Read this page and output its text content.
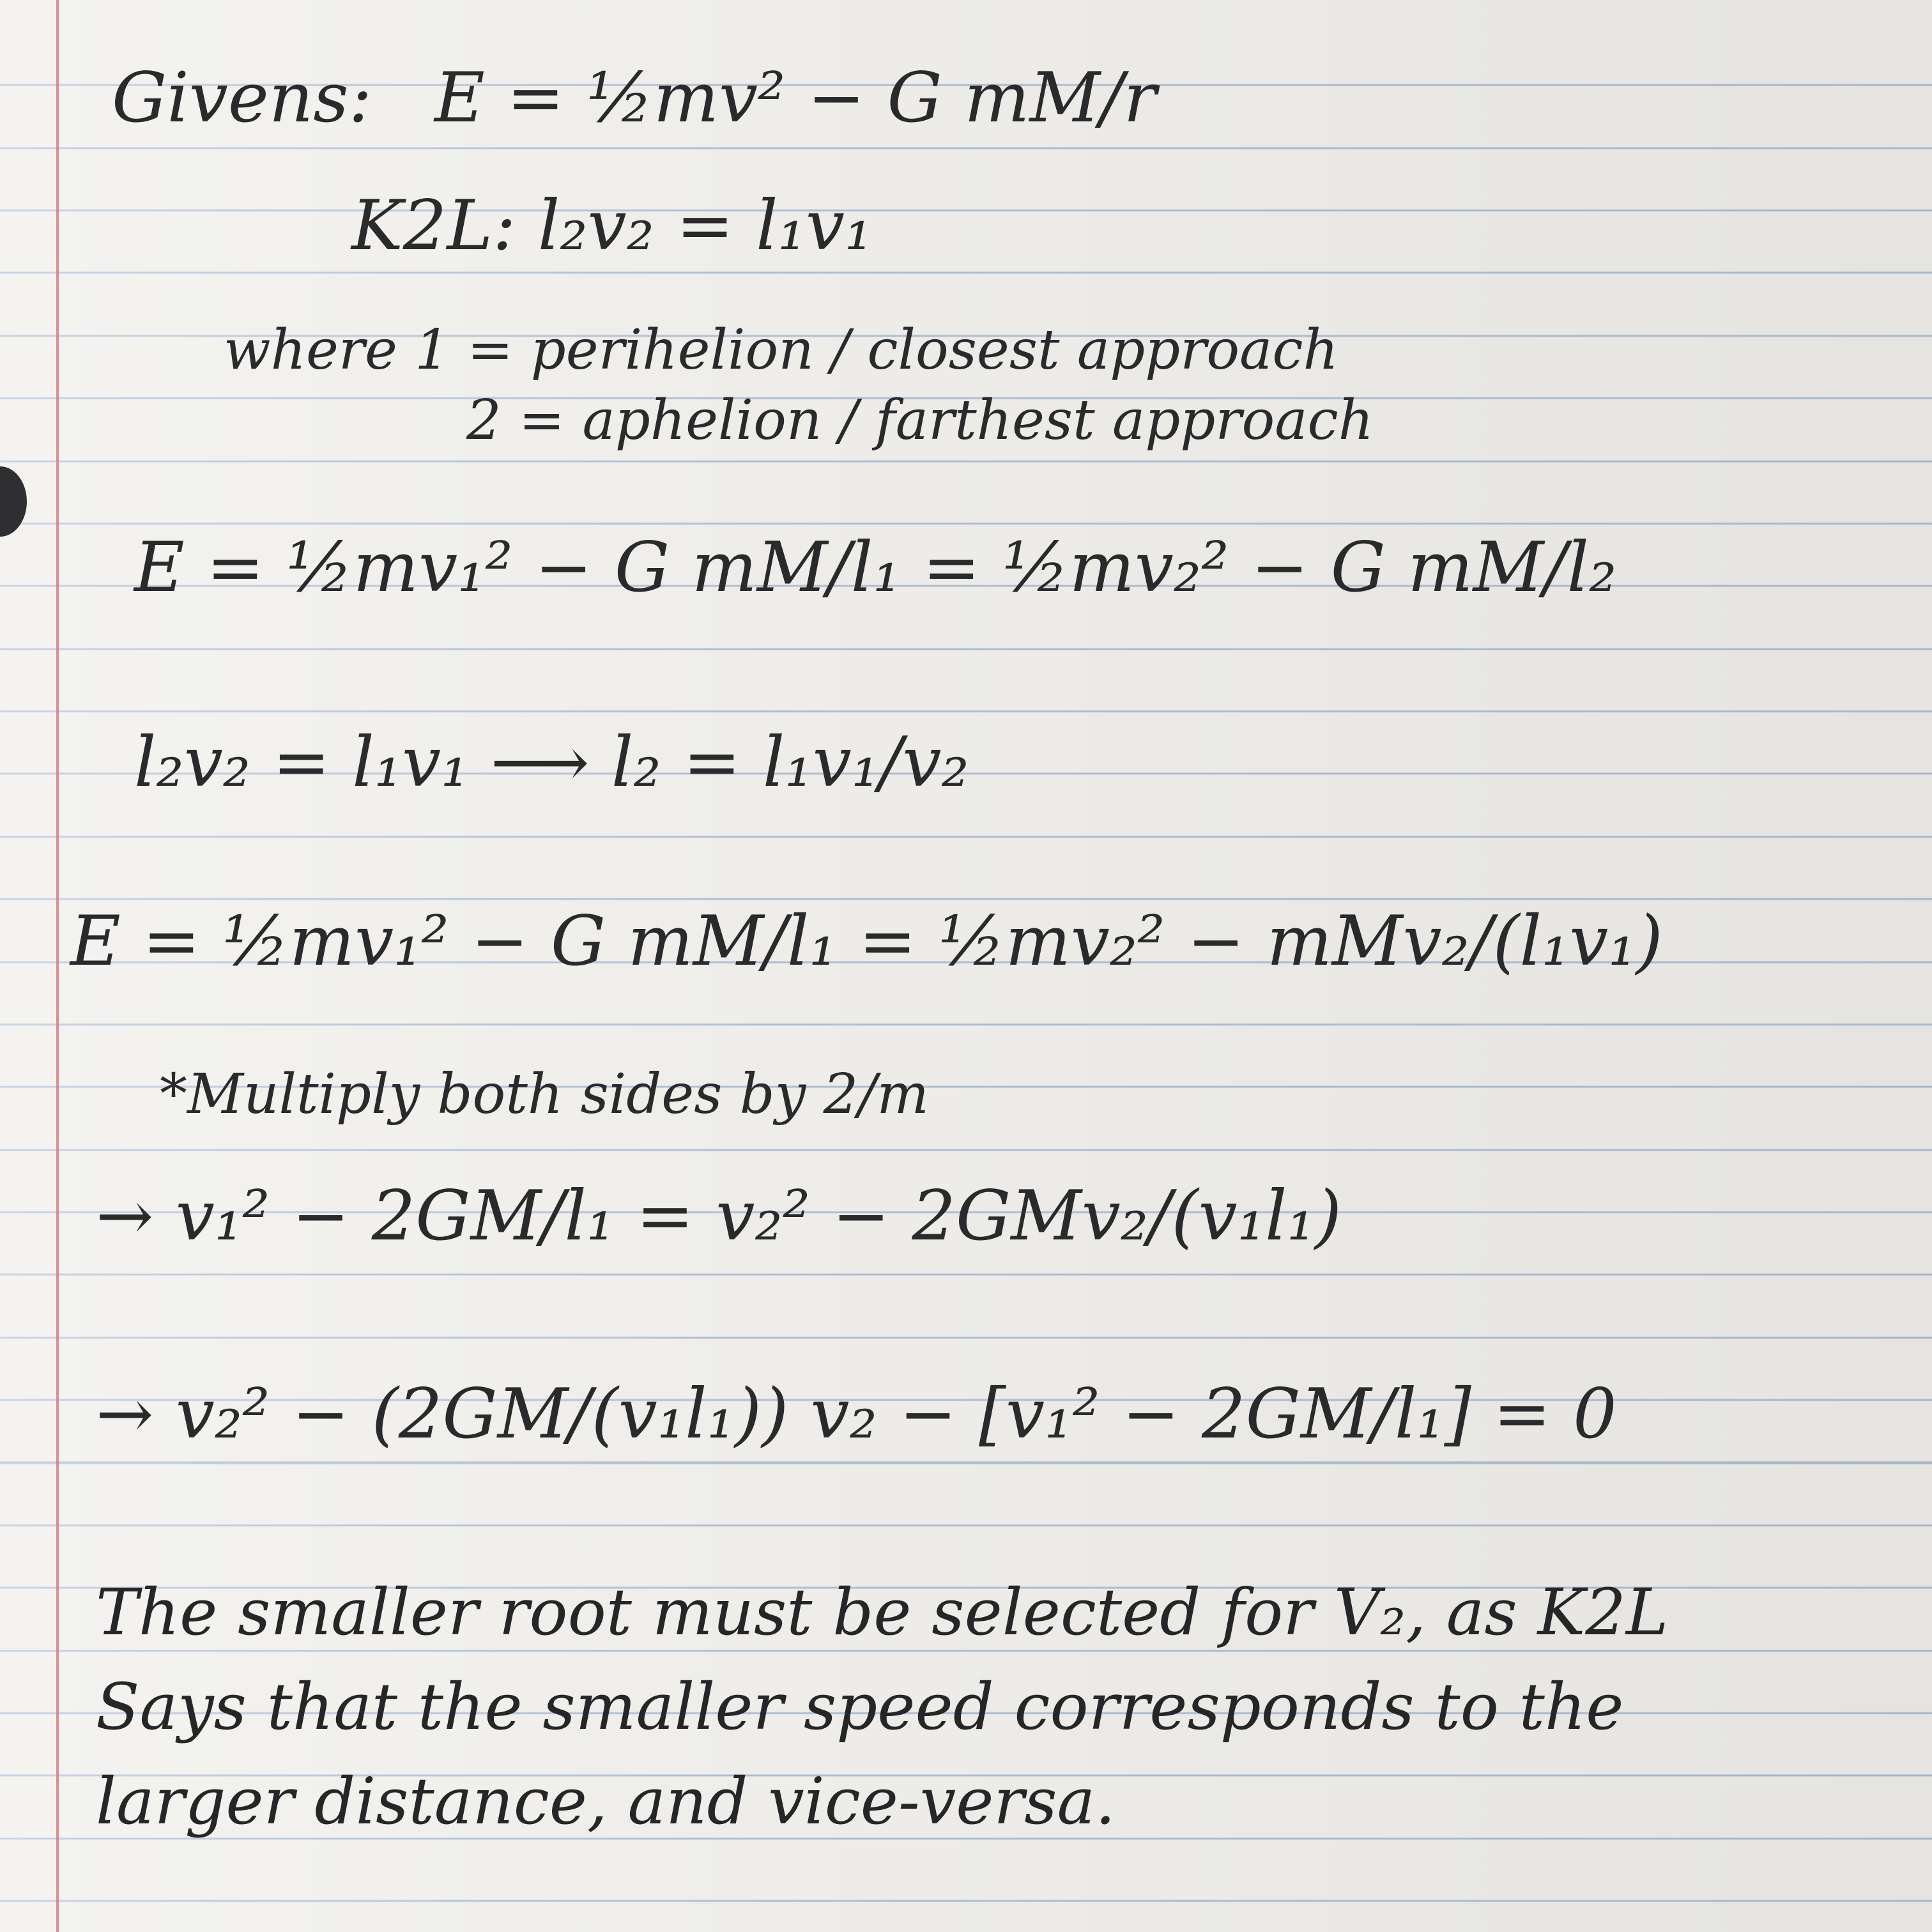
Givens: E = ½mv² − G mM/r
K2L: l₂v₂ = l₁v₁
where 1 = perihelion / closest approach
2 = aphelion / farthest approach
E = ½mv₁² − G mM/l₁ = ½mv₂² − G mM/l₂
l₂v₂ = l₁v₁ ⟶ l₂ = l₁v₁/v₂
E = ½mv₁² − G mM/l₁ = ½mv₂² − mMv₂/(l₁v₁)
*Multiply both sides by 2/m
→ v₁² − 2GM/l₁ = v₂² − 2GMv₂/(v₁l₁)
→ v₂² − (2GM/(v₁l₁)) v₂ − [v₁² − 2GM/l₁] = 0
The smaller root must be selected for V₂, as K2L
Says that the smaller speed corresponds to the
larger distance, and vice-versa.
